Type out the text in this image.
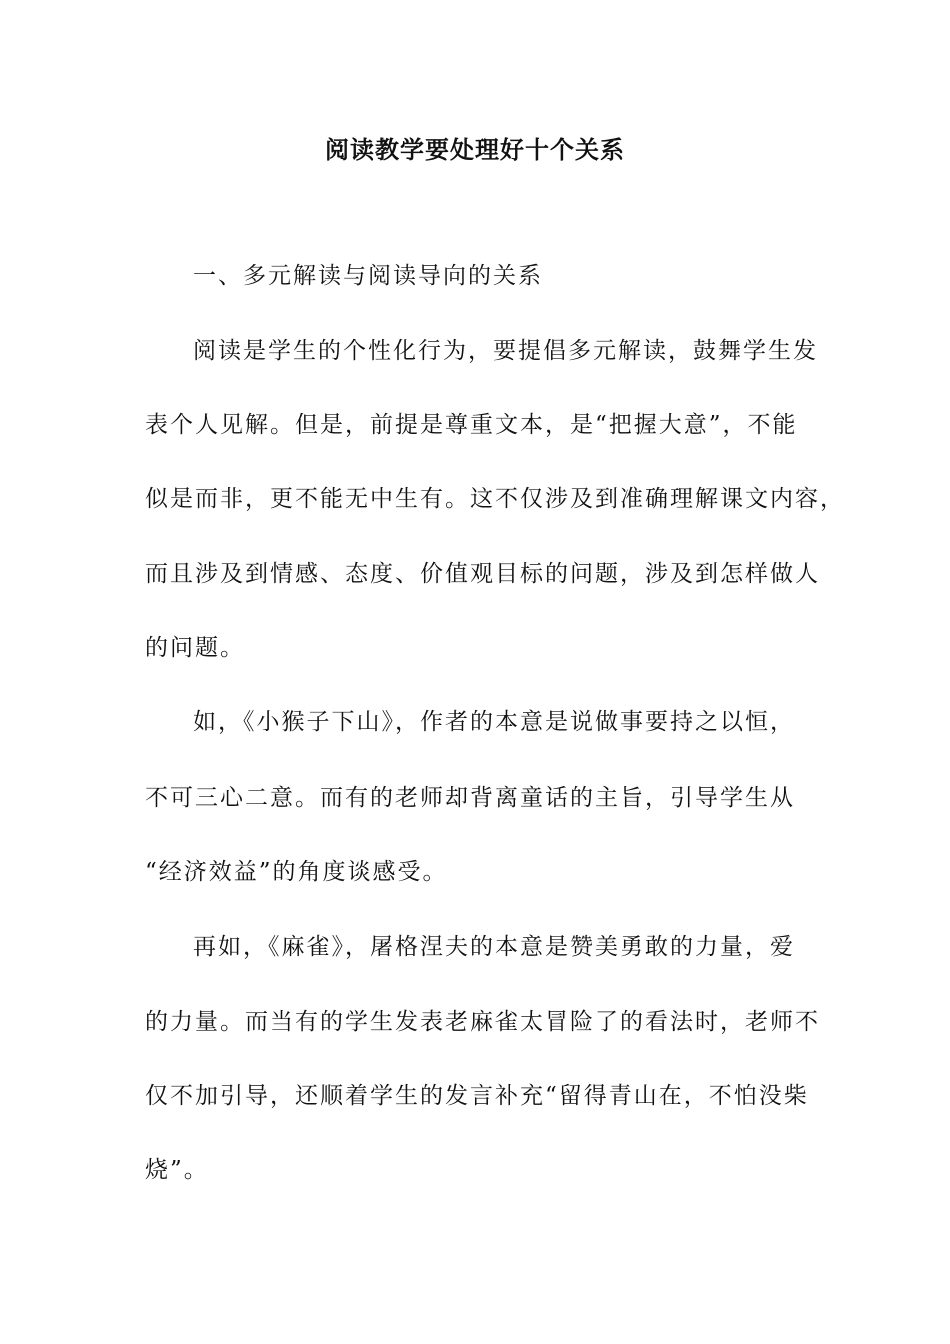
阅读教学要处理好十个关系
一、多元解读与阅读导向的关系
阅读是学生的个性化行为，要提倡多元解读，鼓舞学生发
表个人见解。但是，前提是尊重文本，是“把握大意”，不能
似是而非，更不能无中生有。这不仅涉及到准确理解课文内容，
而且涉及到情感、态度、价值观目标的问题，涉及到怎样做人
的问题。
如，《小猴子下山》，作者的本意是说做事要持之以恒，
不可三心二意。而有的老师却背离童话的主旨，引导学生从
“经济效益”的角度谈感受。
再如，《麻雀》，屠格涅夫的本意是赞美勇敢的力量，爱
的力量。而当有的学生发表老麻雀太冒险了的看法时，老师不
仅不加引导，还顺着学生的发言补充“留得青山在，不怕没柴
烧”。
